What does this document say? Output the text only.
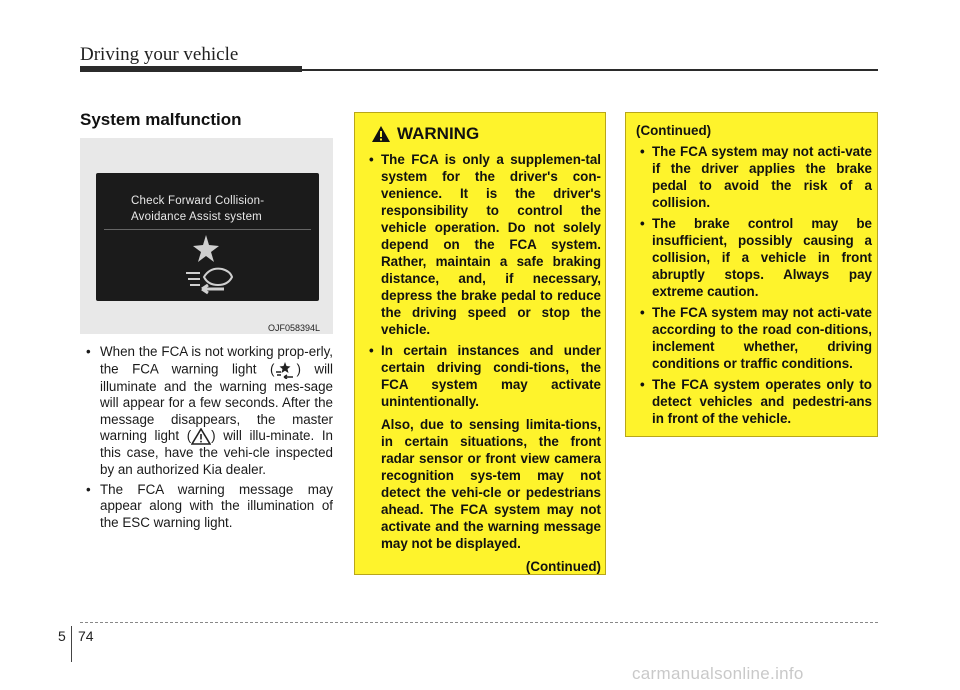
Driving your vehicle
System malfunction
Check Forward Collision-
Avoidance Assist system
OJF058394L

• When the FCA is not working prop-erly, the FCA warning light ( ) will illuminate and the warning mes-sage will appear for a few seconds. After the message disappears, the master warning light ( ) will illu-minate. In this case, have the vehi-cle inspected by an authorized Kia dealer.

• The FCA warning message may appear along with the illumination of the ESC warning light.

WARNING

• The FCA is only a supplemen-tal system for the driver's con-venience. It is the driver's responsibility to control the vehicle operation. Do not solely depend on the FCA system. Rather, maintain a safe braking distance, and, if necessary, depress the brake pedal to reduce the driving speed or stop the vehicle.

• In certain instances and under certain driving condi-tions, the FCA system may activate unintentionally.

Also, due to sensing limita-tions, in certain situations, the front radar sensor or front view camera recognition sys-tem may not detect the vehi-cle or pedestrians ahead. The FCA system may not activate and the warning message may not be displayed.

(Continued)
(Continued)

• The FCA system may not acti-vate if the driver applies the brake pedal to avoid the risk of a collision.

• The brake control may be insufficient, possibly causing a collision, if a vehicle in front abruptly stops. Always pay extreme caution.

• The FCA system may not acti-vate according to the road con-ditions, inclement whether, driving conditions or traffic conditions.

• The FCA system operates only to detect vehicles and pedestri-ans in front of the vehicle.

5 74
carmanualsonline.info
